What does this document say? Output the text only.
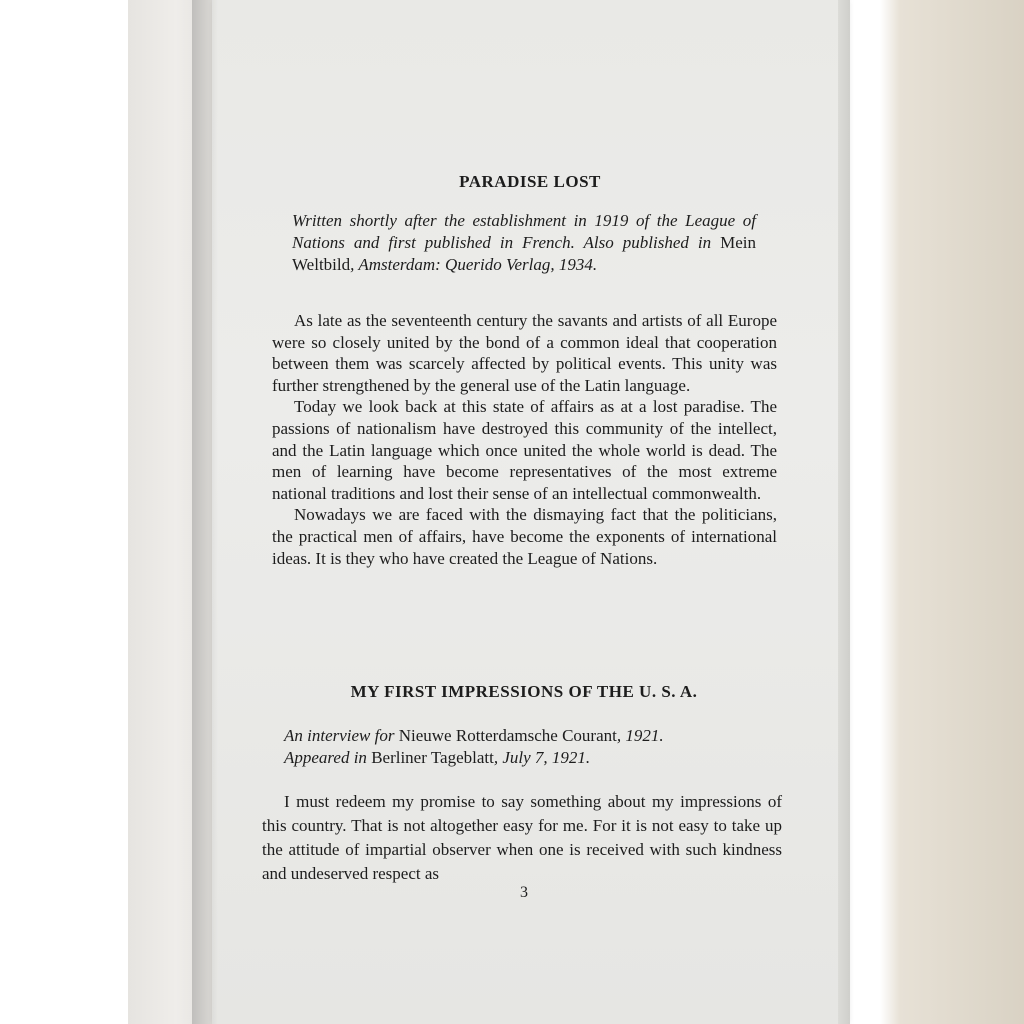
PARADISE LOST
Written shortly after the establishment in 1919 of the League of Nations and first published in French. Also published in Mein Weltbild, Amsterdam: Querido Verlag, 1934.

As late as the seventeenth century the savants and artists of all Europe were so closely united by the bond of a common ideal that cooperation between them was scarcely affected by political events. This unity was further strengthened by the general use of the Latin language.

Today we look back at this state of affairs as at a lost paradise. The passions of nationalism have destroyed this community of the intellect, and the Latin language which once united the whole world is dead. The men of learning have become representatives of the most extreme national traditions and lost their sense of an intellectual commonwealth.

Nowadays we are faced with the dismaying fact that the politicians, the practical men of affairs, have become the exponents of international ideas. It is they who have created the League of Nations.

MY FIRST IMPRESSIONS OF THE U. S. A.
An interview for Nieuwe Rotterdamsche Courant, 1921.
Appeared in Berliner Tageblatt, July 7, 1921.

I must redeem my promise to say something about my impressions of this country. That is not altogether easy for me. For it is not easy to take up the attitude of impartial observer when one is received with such kindness and undeserved respect as

3
